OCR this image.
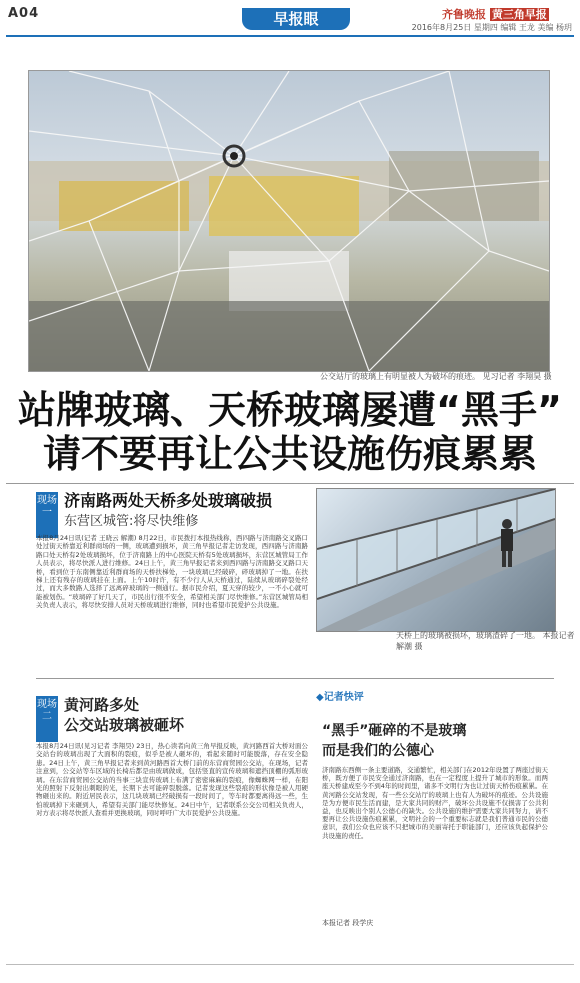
A04	早报眼	齐鲁晚报 黄三角早报
2016年8月25日 星期四 编辑 王龙 美编 杨玥
公交站厅的玻璃上有明显被人为破坏的痕迹。 见习记者 李翔昊 摄
站牌玻璃、天桥玻璃屡遭“黑手”
请不要再让公共设施伤痕累累
现场一
济南路两处天桥多处玻璃破损
东营区城管:将尽快维修
本报8月24日讯(记者 王晓云 解潮) 8月22日，市民拨打本报热线称，西四路与济南路交叉路口处过街天桥靠近利群商场的一侧，玻璃遭到损坏，黄三角早报记者走访发现，西四路与济南路路口处天桥有2处玻璃损坏，位于济南路上的中心医院天桥有5处玻璃损坏，东营区城管局工作人员表示，将尽快派人进行维修。24日上午，黄三角早报记者来到西四路与济南路交叉路口天桥，看到位于东南侧靠近利群商场的天桥扶梯处，一块玻璃已经破碎，碎玻璃掉了一地。在扶梯上还有残存的玻璃挂在上面。上午10时许，有不少行人从天桥通过，陆续从玻璃碎裂处经过，而大多数路人选择了远离碎玻璃的一侧通行。据市民介绍，夏天穿的较少，一不小心就可能被划伤。“玻璃碎了好几天了，市民出行很不安全，希望相关部门尽快维修。”东营区城管局相关负责人表示，将尽快安排人员对天桥玻璃进行维修，同时也希望市民爱护公共设施。
天桥上的玻璃被损坏，玻璃渣碎了一地。 本报记者 解潮 摄
现场二
黄河路多处
公交站玻璃被砸坏
本报8月24日讯(见习记者 李翔昊) 23日，热心读者向黄三角早报反映，黄河路西首大桥对面公交站台的玻璃出现了大面积的裂痕，似乎是被人砸坏的，看起来随时可能脱落，存在安全隐患。24日上午，黄三角早报记者来到黄河路西首大桥门前的东营商贸园公交站，在现场，记者注意到，公交站等车区域的长椅后都是由玻璃做成，包括竖直的宣传玻璃和遮挡顶棚的弧形玻璃。在东营商贸园公交站的当事三块宣传玻璃上布满了密密麻麻的裂痕，像蜘蛛网一样，在阳光的照射下反射出刺眼的光，长期下去可能碎裂脱落。记者发现这些裂痕的形状像是被人用硬物砸出来的。附近居民表示，这几块玻璃已经破损有一段时间了，等车时都要离得远一些，生怕玻璃掉下来砸到人，希望有关部门能尽快修复。24日中午，记者联系公交公司相关负责人，对方表示将尽快派人查看并更换玻璃，同时呼吁广大市民爱护公共设施。
◆记者快评
“黑手”砸碎的不是玻璃
而是我们的公德心
济南路东西侧一条主要道路，交通繁忙，相关部门在2012年设置了两座过街天桥，既方便了市民安全通过济南路，也在一定程度上提升了城市的形象。而两座天桥建成至今不到4年的时间里，诸多不文明行为也让过街天桥伤痕累累。在黄河路公交站发现，有一些公交站厅的玻璃上也有人为破坏的痕迹。公共设施是为方便市民生活而建，是大家共同的财产，破坏公共设施不仅损害了公共利益，也反映出个别人公德心的缺失。公共设施的维护需要大家共同努力，请不要再让公共设施伤痕累累，文明社会的一个重要标志就是我们普通市民的公德意识，我们公众也应该不只把城市的美丽寄托于职能部门，还应该负起保护公共设施的责任。
本报记者 段学庆
